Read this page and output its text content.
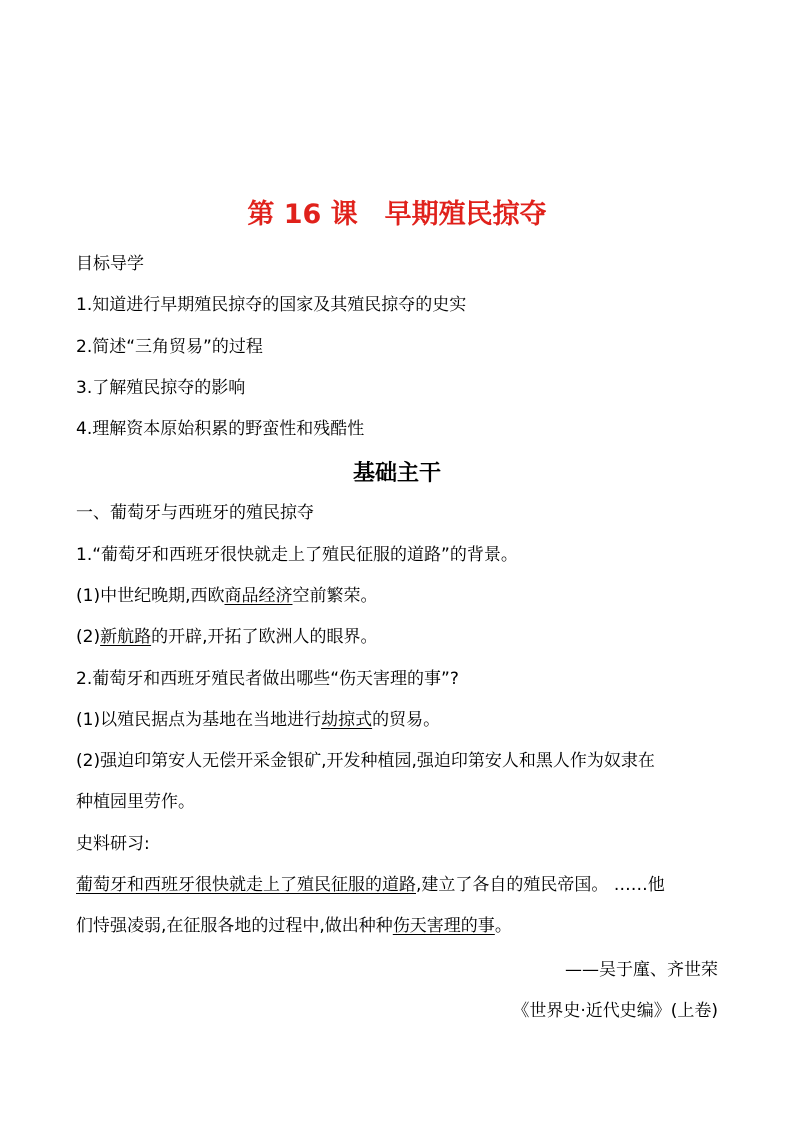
第 16 课　早期殖民掠夺
目标导学
1.知道进行早期殖民掠夺的国家及其殖民掠夺的史实
2.简述“三角贸易”的过程
3.了解殖民掠夺的影响
4.理解资本原始积累的野蛮性和残酷性
基础主干
一、葡萄牙与西班牙的殖民掠夺
1.“葡萄牙和西班牙很快就走上了殖民征服的道路”的背景。
(1)中世纪晚期,西欧商品经济空前繁荣。
(2)新航路的开辟,开拓了欧洲人的眼界。
2.葡萄牙和西班牙殖民者做出哪些“伤天害理的事”?
(1)以殖民据点为基地在当地进行劫掠式的贸易。
(2)强迫印第安人无偿开采金银矿,开发种植园,强迫印第安人和黑人作为奴隶在
种植园里劳作。
史料研习:
葡萄牙和西班牙很快就走上了殖民征服的道路,建立了各自的殖民帝国。 ……他
们恃强凌弱,在征服各地的过程中,做出种种伤天害理的事。
——吴于廑、齐世荣
《世界史·近代史编》(上卷)
